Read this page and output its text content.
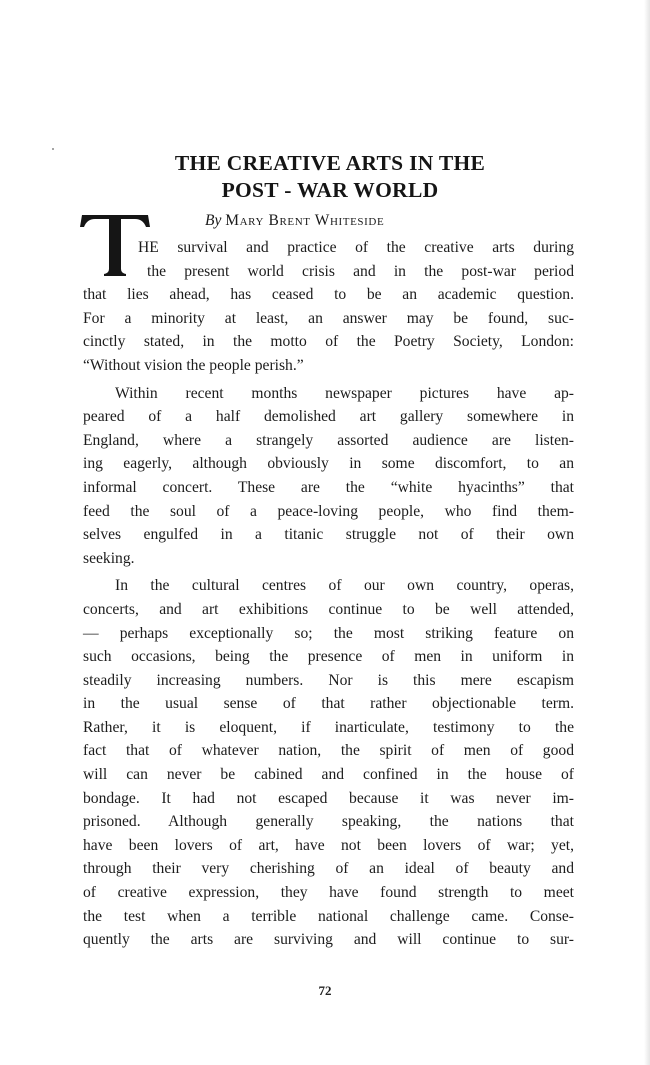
THE CREATIVE ARTS IN THE
POST - WAR WORLD
By Mary Brent Whiteside
HE survival and practice of the creative arts during
the present world crisis and in the post-war period
that lies ahead, has ceased to be an academic question.
For a minority at least, an answer may be found, suc-
cinctly stated, in the motto of the Poetry Society, London:
“Without vision the people perish.”
Within recent months newspaper pictures have ap-
peared of a half demolished art gallery somewhere in
England, where a strangely assorted audience are listen-
ing eagerly, although obviously in some discomfort, to an
informal concert. These are the “white hyacinths” that
feed the soul of a peace-loving people, who find them-
selves engulfed in a titanic struggle not of their own
seeking.
In the cultural centres of our own country, operas,
concerts, and art exhibitions continue to be well attended,
— perhaps exceptionally so; the most striking feature on
such occasions, being the presence of men in uniform in
steadily increasing numbers. Nor is this mere escapism
in the usual sense of that rather objectionable term.
Rather, it is eloquent, if inarticulate, testimony to the
fact that of whatever nation, the spirit of men of good
will can never be cabined and confined in the house of
bondage. It had not escaped because it was never im-
prisoned. Although generally speaking, the nations that
have been lovers of art, have not been lovers of war; yet,
through their very cherishing of an ideal of beauty and
of creative expression, they have found strength to meet
the test when a terrible national challenge came. Conse-
quently the arts are surviving and will continue to sur-
72
